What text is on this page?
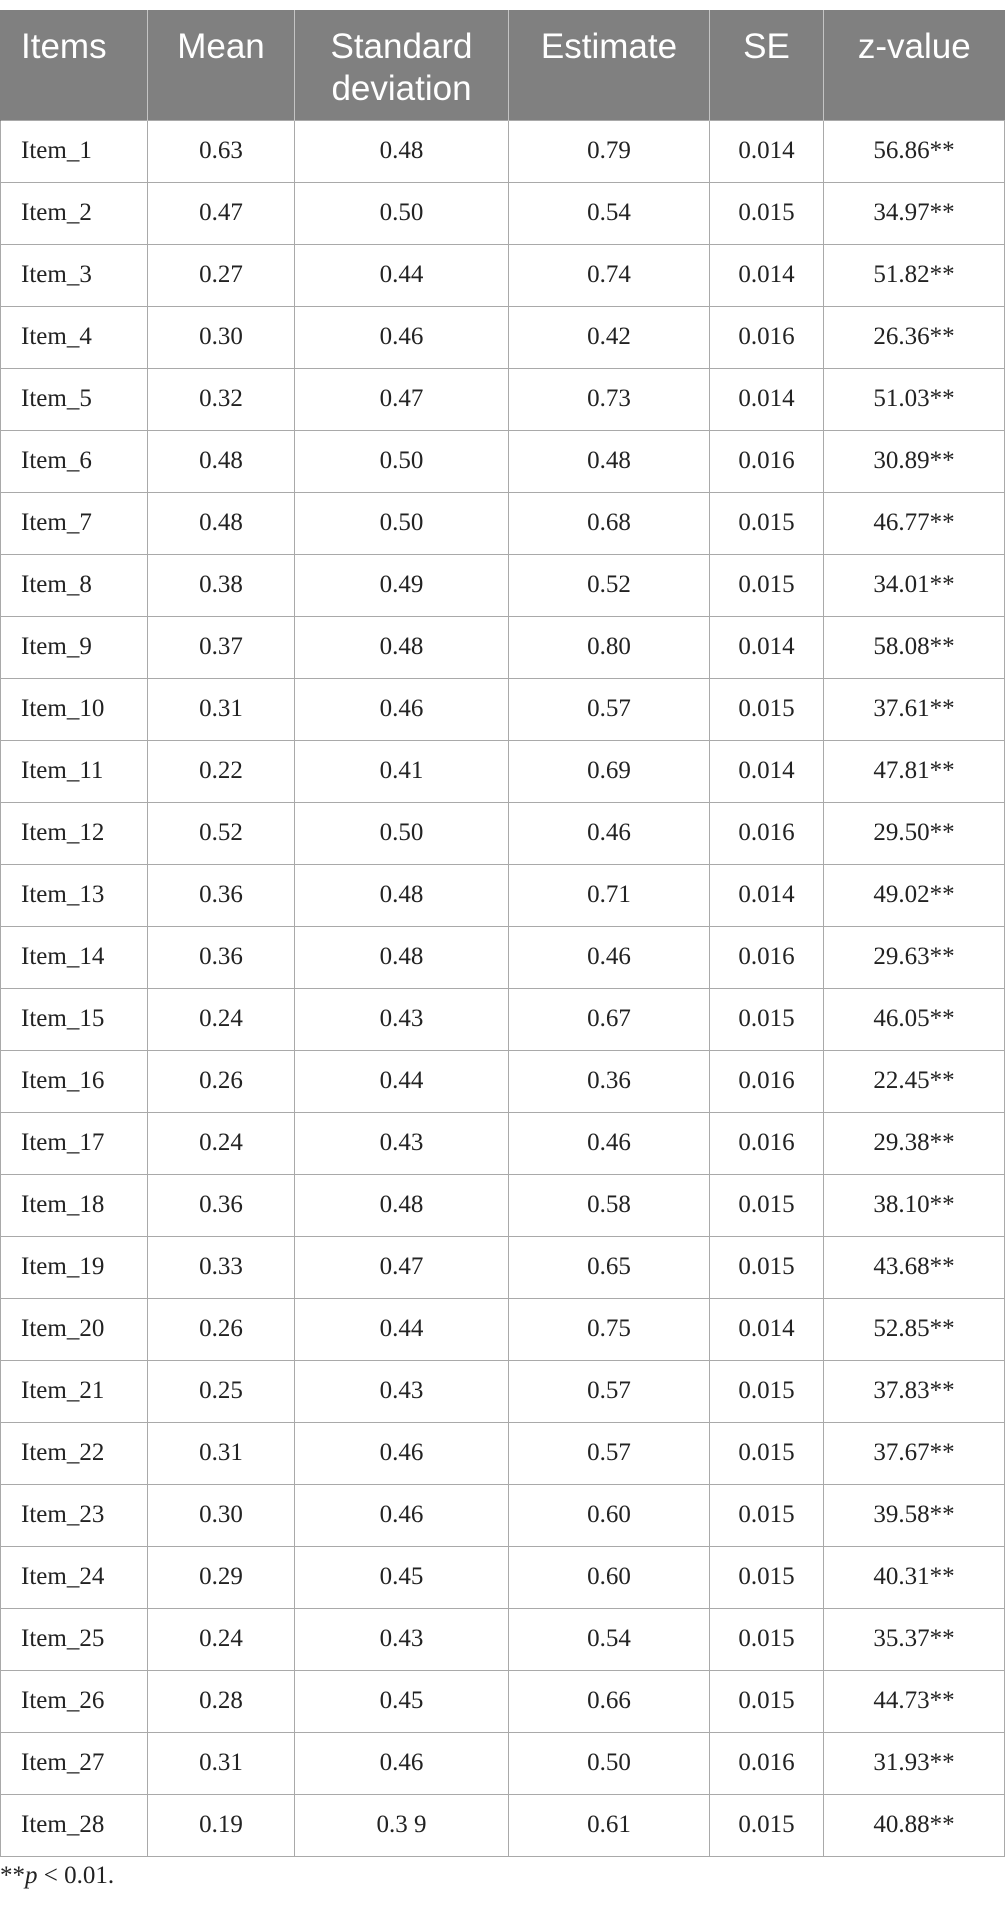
Items	Mean	Standard deviation	Estimate	SE	z-value

Item_1	0.63	0.48	0.79	0.014	56.86**
Item_2	0.47	0.50	0.54	0.015	34.97**
Item_3	0.27	0.44	0.74	0.014	51.82**
Item_4	0.30	0.46	0.42	0.016	26.36**
Item_5	0.32	0.47	0.73	0.014	51.03**
Item_6	0.48	0.50	0.48	0.016	30.89**
Item_7	0.48	0.50	0.68	0.015	46.77**
Item_8	0.38	0.49	0.52	0.015	34.01**
Item_9	0.37	0.48	0.80	0.014	58.08**
Item_10	0.31	0.46	0.57	0.015	37.61**
Item_11	0.22	0.41	0.69	0.014	47.81**
Item_12	0.52	0.50	0.46	0.016	29.50**
Item_13	0.36	0.48	0.71	0.014	49.02**
Item_14	0.36	0.48	0.46	0.016	29.63**
Item_15	0.24	0.43	0.67	0.015	46.05**
Item_16	0.26	0.44	0.36	0.016	22.45**
Item_17	0.24	0.43	0.46	0.016	29.38**
Item_18	0.36	0.48	0.58	0.015	38.10**
Item_19	0.33	0.47	0.65	0.015	43.68**
Item_20	0.26	0.44	0.75	0.014	52.85**
Item_21	0.25	0.43	0.57	0.015	37.83**
Item_22	0.31	0.46	0.57	0.015	37.67**
Item_23	0.30	0.46	0.60	0.015	39.58**
Item_24	0.29	0.45	0.60	0.015	40.31**
Item_25	0.24	0.43	0.54	0.015	35.37**
Item_26	0.28	0.45	0.66	0.015	44.73**
Item_27	0.31	0.46	0.50	0.016	31.93**
Item_28	0.19	0.3 9	0.61	0.015	40.88**
**p < 0.01.
